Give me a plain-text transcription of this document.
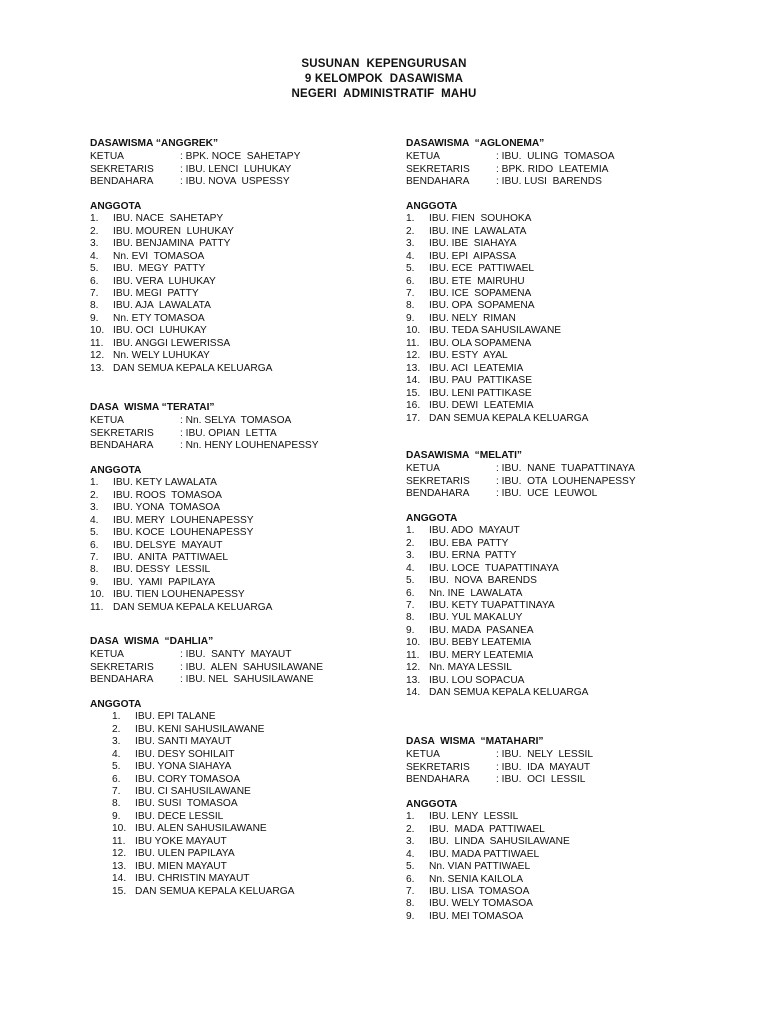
SUSUNAN  KEPENGURUSAN
9 KELOMPOK  DASAWISMA
NEGERI  ADMINISTRATIF  MAHU
DASAWISMA “ANGGREK”
KETUA	: BPK. NOCE  SAHETAPY
SEKRETARIS	: IBU. LENCI  LUHUKAY
BENDAHARA	: IBU. NOVA  USPESSY
ANGGOTA
1.	IBU. NACE  SAHETAPY
2.	IBU. MOUREN  LUHUKAY
3.	IBU. BENJAMINA  PATTY
4.	Nn. EVI  TOMASOA
5.	IBU.  MEGY  PATTY
6.	IBU. VERA  LUHUKAY
7.	IBU. MEGI  PATTY
8.	IBU. AJA  LAWALATA
9.	Nn. ETY TOMASOA
10. IBU. OCI  LUHUKAY
11. IBU. ANGGI LEWERISSA
12. Nn. WELY LUHUKAY
13. DAN SEMUA KEPALA KELUARGA
DASA  WISMA “TERATAI”
KETUA	: Nn. SELYA  TOMASOA
SEKRETARIS	: IBU. OPIAN  LETTA
BENDAHARA	: Nn. HENY LOUHENAPESSY
ANGGOTA
1.	IBU. KETY LAWALATA
2.	IBU. ROOS  TOMASOA
3.	IBU. YONA  TOMASOA
4.	IBU. MERY  LOUHENAPESSY
5.	IBU. KOCE  LOUHENAPESSY
6.	IBU. DELSYE  MAYAUT
7.	IBU.  ANITA  PATTIWAEL
8.	IBU. DESSY  LESSIL
9.	IBU.  YAMI  PAPILAYA
10. IBU. TIEN LOUHENAPESSY
11. DAN SEMUA KEPALA KELUARGA
DASA  WISMA  “DAHLIA”
KETUA	: IBU.  SANTY  MAYAUT
SEKRETARIS	: IBU.  ALEN  SAHUSILAWANE
BENDAHARA	: IBU. NEL  SAHUSILAWANE
ANGGOTA
1.	IBU. EPI TALANE
2.	IBU. KENI SAHUSILAWANE
3.	IBU. SANTI MAYAUT
4.	IBU. DESY SOHILAIT
5.	IBU. YONA SIAHAYA
6.	IBU. CORY TOMASOA
7.	IBU. CI SAHUSILAWANE
8.	IBU. SUSI  TOMASOA
9.	IBU. DECE LESSIL
10. IBU. ALEN SAHUSILAWANE
11. IBU YOKE MAYAUT
12. IBU. ULEN PAPILAYA
13. IBU. MIEN MAYAUT
14. IBU. CHRISTIN MAYAUT
15. DAN SEMUA KEPALA KELUARGA
DASAWISMA  “AGLONEMA”
KETUA	: IBU.  ULING  TOMASOA
SEKRETARIS	: BPK. RIDO  LEATEMIA
BENDAHARA	: IBU. LUSI  BARENDS
ANGGOTA
1.	IBU. FIEN  SOUHOKA
2.	IBU. INE  LAWALATA
3.	IBU. IBE  SIAHAYA
4.	IBU. EPI  AIPASSA
5.	IBU. ECE  PATTIWAEL
6.	IBU. ETE  MAIRUHU
7.	IBU. ICE  SOPAMENA
8.	IBU. OPA  SOPAMENA
9.	IBU. NELY  RIMAN
10. IBU. TEDA SAHUSILAWANE
11. IBU. OLA SOPAMENA
12. IBU. ESTY  AYAL
13. IBU. ACI  LEATEMIA
14. IBU. PAU  PATTIKASE
15. IBU. LENI PATTIKASE
16. IBU. DEWI  LEATEMIA
17. DAN SEMUA KEPALA KELUARGA
DASAWISMA  “MELATI”
KETUA	: IBU.  NANE  TUAPATTINAYA
SEKRETARIS	: IBU.  OTA  LOUHENAPESSY
BENDAHARA	: IBU.  UCE  LEUWOL
ANGGOTA
1.	IBU. ADO  MAYAUT
2.	IBU. EBA  PATTY
3.	IBU. ERNA  PATTY
4.	IBU. LOCE  TUAPATTINAYA
5.	IBU.  NOVA  BARENDS
6.	Nn. INE  LAWALATA
7.	IBU. KETY TUAPATTINAYA
8.	IBU. YUL MAKALUY
9.	IBU. MADA  PASANEA
10. IBU. BEBY LEATEMIA
11. IBU. MERY LEATEMIA
12. Nn. MAYA LESSIL
13. IBU. LOU SOPACUA
14. DAN SEMUA KEPALA KELUARGA
DASA  WISMA  “MATAHARI”
KETUA	: IBU.  NELY  LESSIL
SEKRETARIS	: IBU.  IDA  MAYAUT
BENDAHARA	: IBU.  OCI  LESSIL
ANGGOTA
1.	IBU. LENY  LESSIL
2.	IBU.  MADA  PATTIWAEL
3.	IBU.  LINDA  SAHUSILAWANE
4.	IBU. MADA PATTIWAEL
5.	Nn. VIAN PATTIWAEL
6.	Nn. SENIA KAILOLA
7.	IBU. LISA  TOMASOA
8.	IBU. WELY TOMASOA
9.	IBU. MEI TOMASOA
